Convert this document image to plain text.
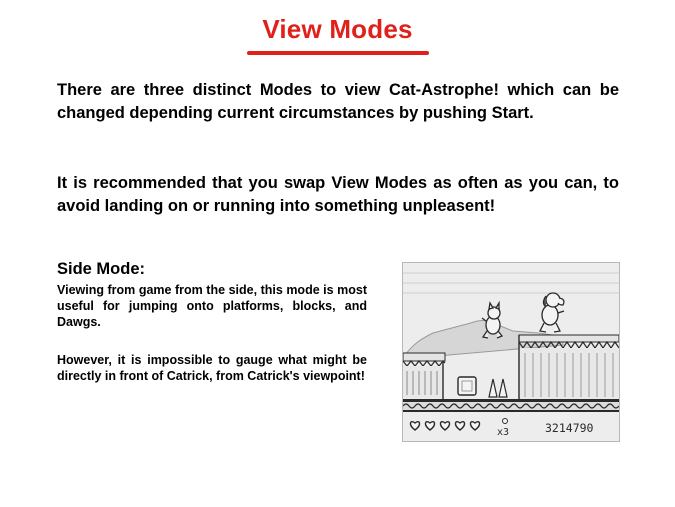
View Modes

There are three distinct Modes to view Cat-Astrophe! which can be changed depending current circumstances by pushing Start.

It is recommended that you swap View Modes as often as you can, to avoid landing on or running into something unpleasent!

Side Mode:

Viewing from game from the side, this mode is most useful for jumping onto platforms, blocks, and Dawgs.

However, it is impossible to gauge what might be directly in front of Catrick, from Catrick's viewpoint!

x3	3214790
